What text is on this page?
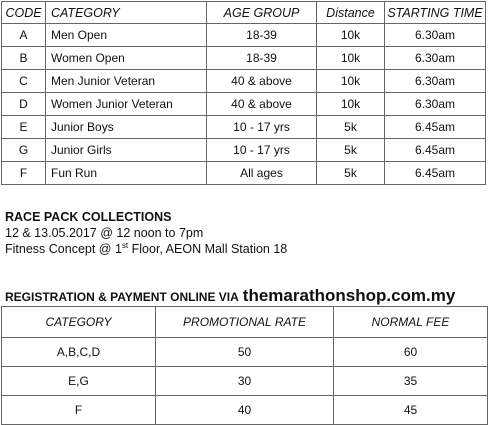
CODE	CATEGORY	AGE GROUP	Distance	STARTING TIME
A	Men Open	18-39	10k	6.30am
B	Women Open	18-39	10k	6.30am
C	Men Junior Veteran	40 & above	10k	6.30am
D	Women Junior Veteran	40 & above	10k	6.30am
E	Junior Boys	10 - 17 yrs	5k	6.45am
G	Junior Girls	10 - 17 yrs	5k	6.45am
F	Fun Run	All ages	5k	6.45am
RACE PACK COLLECTIONS
12 & 13.05.2017 @ 12 noon to 7pm
Fitness Concept @ 1st Floor, AEON Mall Station 18
REGISTRATION & PAYMENT ONLINE VIA themarathonshop.com.my
CATEGORY	PROMOTIONAL RATE	NORMAL FEE
A,B,C,D	50	60
E,G	30	35
F	40	45
